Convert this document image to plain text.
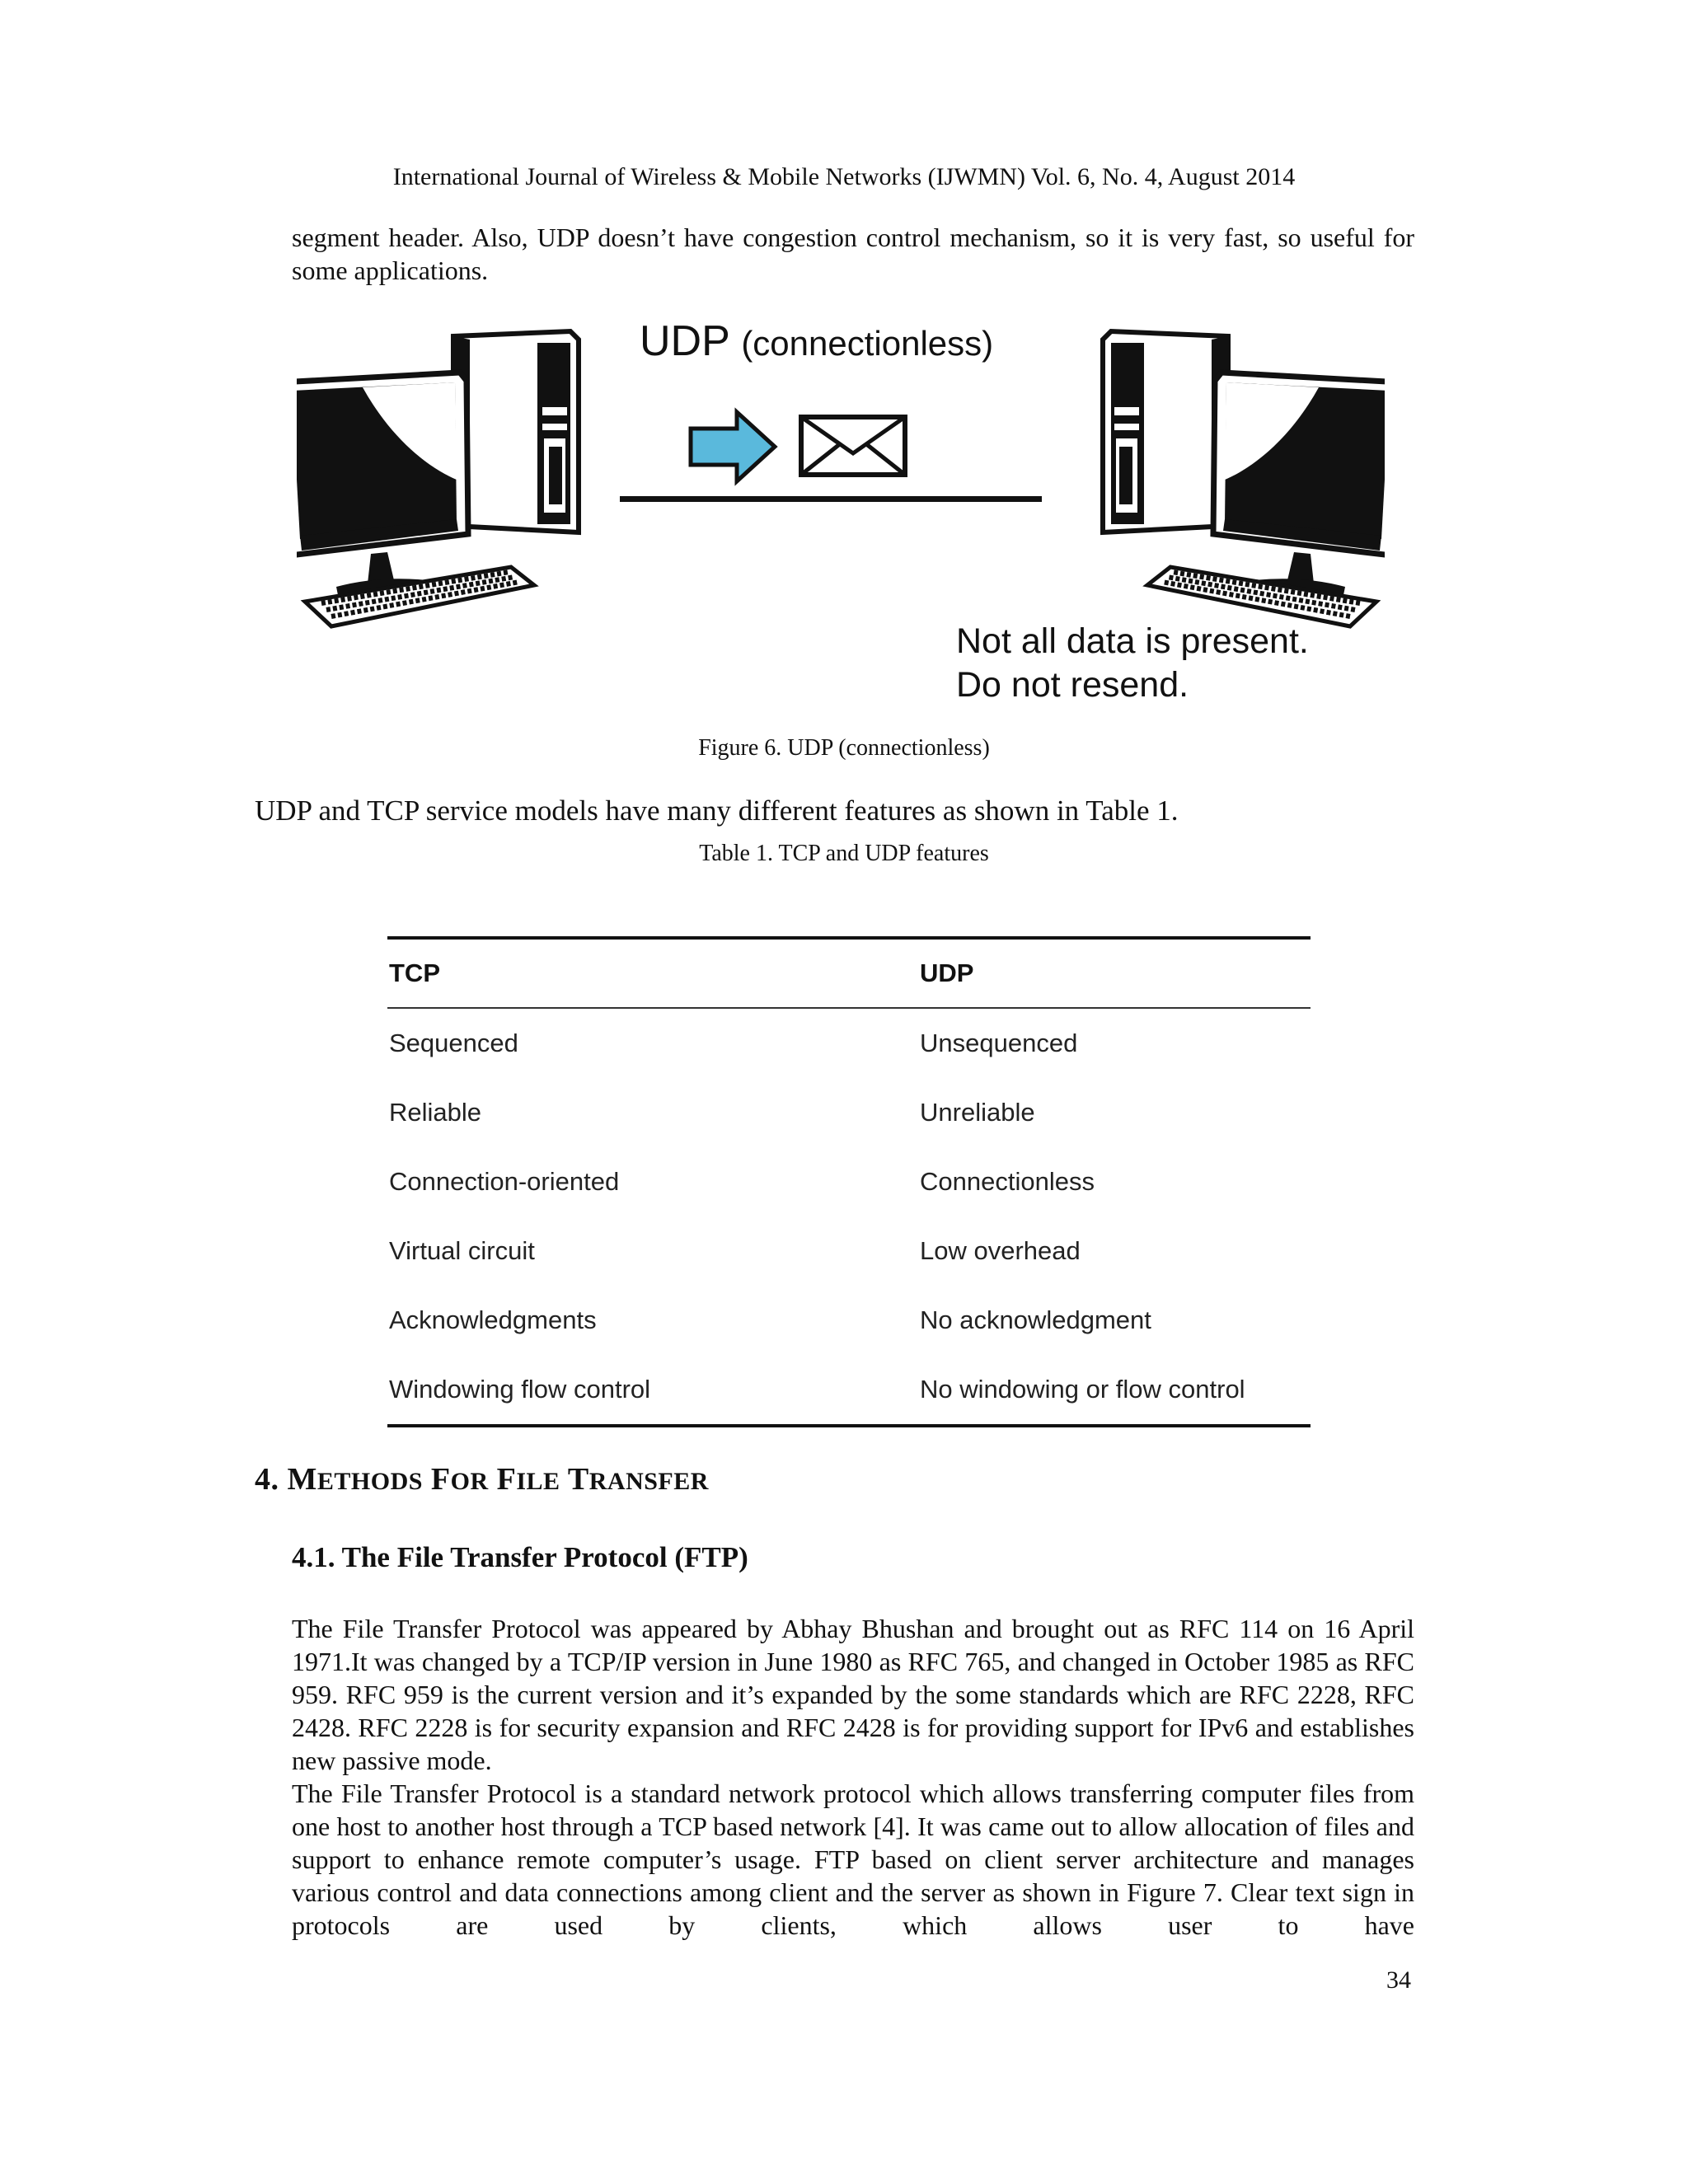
International Journal of Wireless & Mobile Networks (IJWMN) Vol. 6, No. 4, August 2014
segment header. Also, UDP doesn’t have congestion control mechanism, so it is very fast, so useful for some applications.
UDP (connectionless)
Not all data is present.
Do not resend.
Figure 6. UDP (connectionless)
UDP and TCP service models have many different features as shown in Table 1.
Table 1. TCP and UDP features
TCP	UDP
Sequenced	Unsequenced
Reliable	Unreliable
Connection-oriented	Connectionless
Virtual circuit	Low overhead
Acknowledgments	No acknowledgment
Windowing flow control	No windowing or flow control
4. METHODS FOR FILE TRANSFER
4.1. The File Transfer Protocol (FTP)
The File Transfer Protocol was appeared by Abhay Bhushan and brought out as RFC 114 on 16 April 1971.It was changed by a TCP/IP version in June 1980 as RFC 765, and changed in October 1985 as RFC 959. RFC 959 is the current version and it’s expanded by the some standards which are RFC 2228, RFC 2428. RFC 2228 is for security expansion and RFC 2428 is for providing support for IPv6 and establishes new passive mode.
The File Transfer Protocol is a standard network protocol which allows transferring computer files from one host to another host through a TCP based network [4]. It was came out to allow allocation of files and support to enhance remote computer’s usage. FTP based on client server architecture and manages various control and data connections among client and the server as shown in Figure 7. Clear text sign in protocols are used by clients, which allows user to have
34
